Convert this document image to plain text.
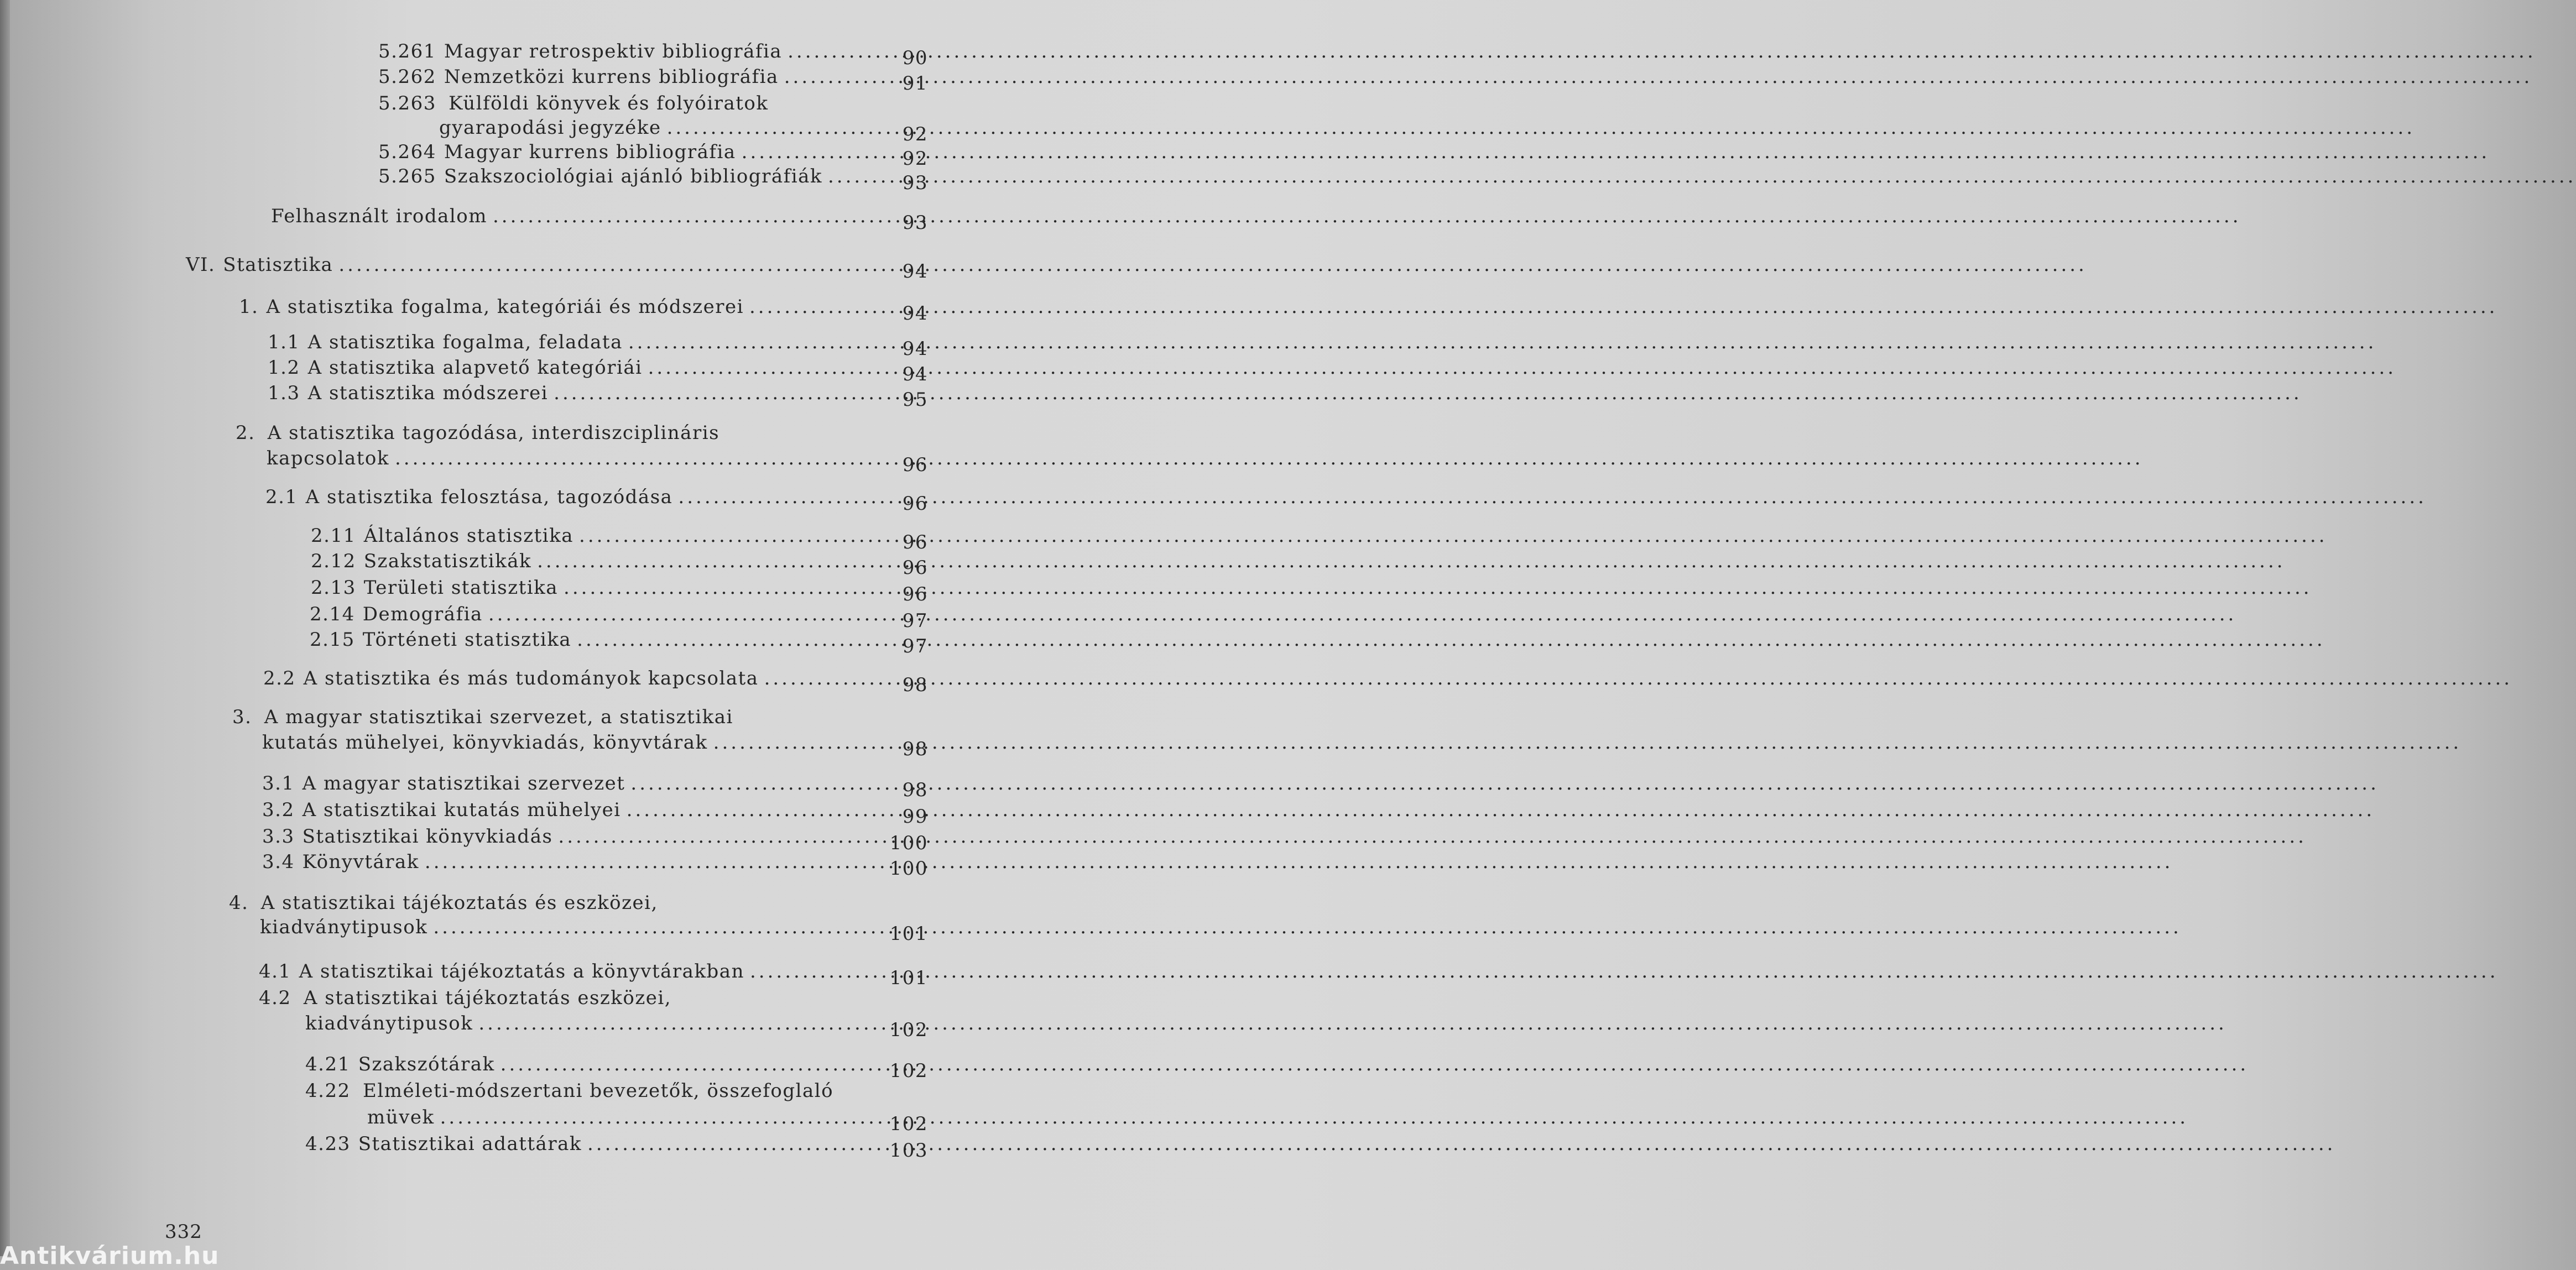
5.261 Magyar retrospektiv bibliográfia .....	90
5.262 Nemzetközi kurrens bibliográfia .....	91
5.263 Külföldi könyvek és folyóiratok
gyarapodási jegyzéke .....	92
5.264 Magyar kurrens bibliográfia .....	92
5.265 Szakszociológiai ajánló bibliográfiák .....	93
Felhasznált irodalom .....	93
VI. Statisztika .....	94
1. A statisztika fogalma, kategóriái és módszerei .....	94
1.1 A statisztika fogalma, feladata .....	94
1.2 A statisztika alapvető kategóriái .....	94
1.3 A statisztika módszerei .....	95
2. A statisztika tagozódása, interdiszciplináris
kapcsolatok .....	96
2.1 A statisztika felosztása, tagozódása .....	96
2.11 Általános statisztika .....	96
2.12 Szakstatisztikák .....	96
2.13 Területi statisztika .....	96
2.14 Demográfia .....	97
2.15 Történeti statisztika .....	97
2.2 A statisztika és más tudományok kapcsolata .....	98
3. A magyar statisztikai szervezet, a statisztikai
kutatás mühelyei, könyvkiadás, könyvtárak .....	98
3.1 A magyar statisztikai szervezet .....	98
3.2 A statisztikai kutatás mühelyei .....	99
3.3 Statisztikai könyvkiadás .....	100
3.4 Könyvtárak .....	100
4. A statisztikai tájékoztatás és eszközei,
kiadványtipusok .....	101
4.1 A statisztikai tájékoztatás a könyvtárakban .....	101
4.2 A statisztikai tájékoztatás eszközei,
kiadványtipusok .....	102
4.21 Szakszótárak .....	102
4.22 Elméleti-módszertani bevezetők, összefoglaló
müvek .....	102
4.23 Statisztikai adattárak .....	103
332
Antikvárium.hu
